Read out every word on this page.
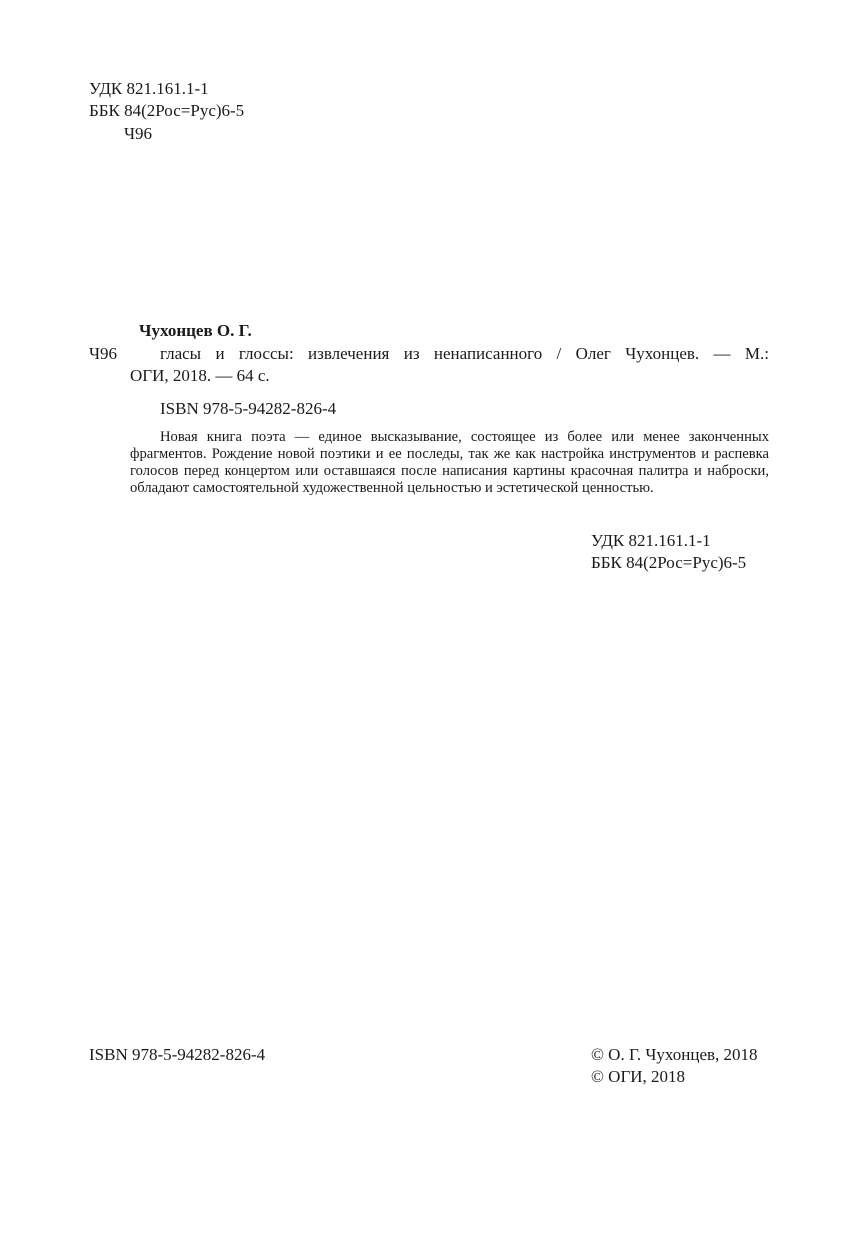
УДК 821.161.1-1
ББК 84(2Рос=Рус)6-5
Ч96
Чухонцев О. Г.
Ч96	гласы и глоссы: извлечения из ненаписанного / Олег Чухонцев. — М.:
ОГИ, 2018. — 64 с.
ISBN 978-5-94282-826-4

Новая книга поэта — единое высказывание, состоящее из более или менее законченных фрагментов. Рождение новой поэтики и ее последы, так же как настройка инструментов и распевка голосов перед концертом или оставшаяся после написания картины красочная палитра и наброски, обладают самостоятельной художественной цельностью и эстетической ценностью.

УДК 821.161.1-1
ББК 84(2Рос=Рус)6-5
ISBN 978-5-94282-826-4	© О. Г. Чухонцев, 2018
© ОГИ, 2018
